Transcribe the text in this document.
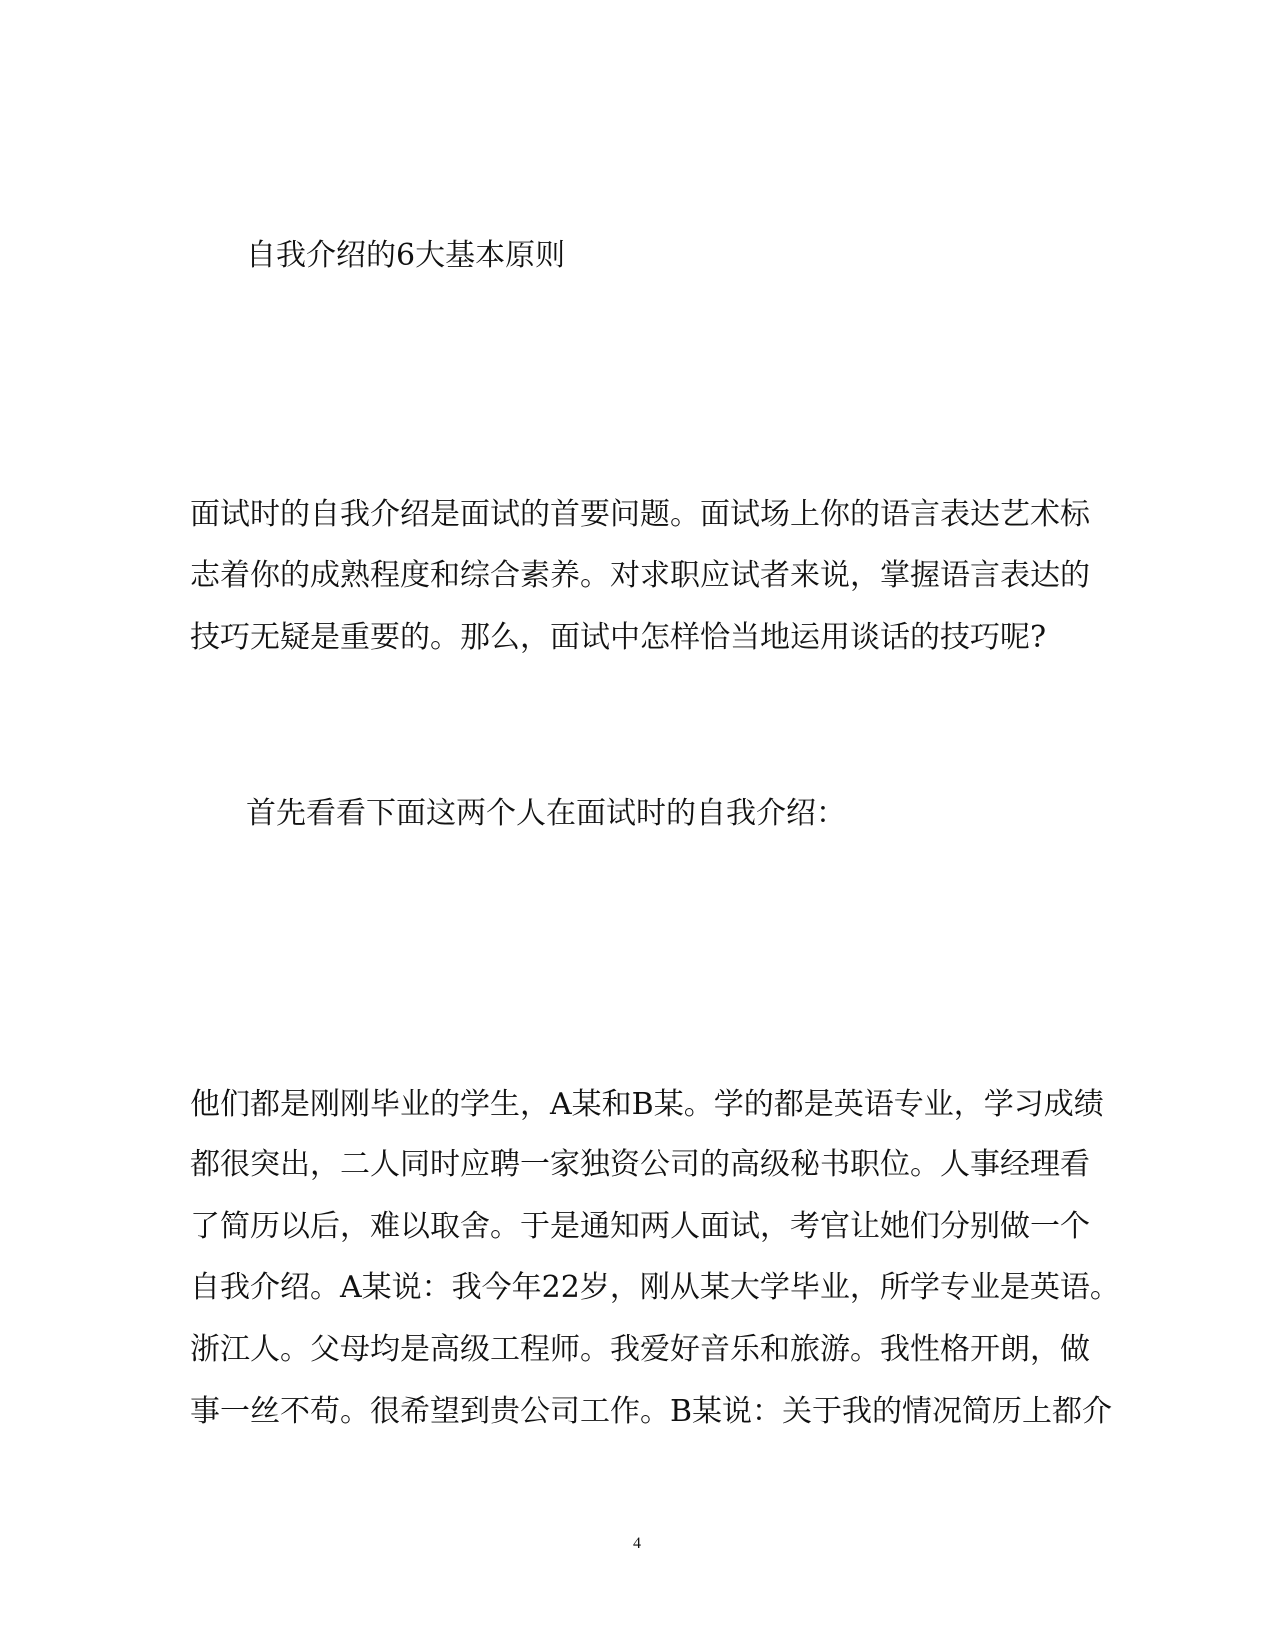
自我介绍的6大基本原则
面试时的自我介绍是面试的首要问题。面试场上你的语言表达艺术标
志着你的成熟程度和综合素养。对求职应试者来说，掌握语言表达的
技巧无疑是重要的。那么，面试中怎样恰当地运用谈话的技巧呢?
首先看看下面这两个人在面试时的自我介绍：
他们都是刚刚毕业的学生，A某和B某。学的都是英语专业，学习成绩
都很突出，二人同时应聘一家独资公司的高级秘书职位。人事经理看
了简历以后，难以取舍。于是通知两人面试，考官让她们分别做一个
自我介绍。A某说：我今年22岁，刚从某大学毕业，所学专业是英语。
浙江人。父母均是高级工程师。我爱好音乐和旅游。我性格开朗，做
事一丝不苟。很希望到贵公司工作。B某说：关于我的情况简历上都介
4
